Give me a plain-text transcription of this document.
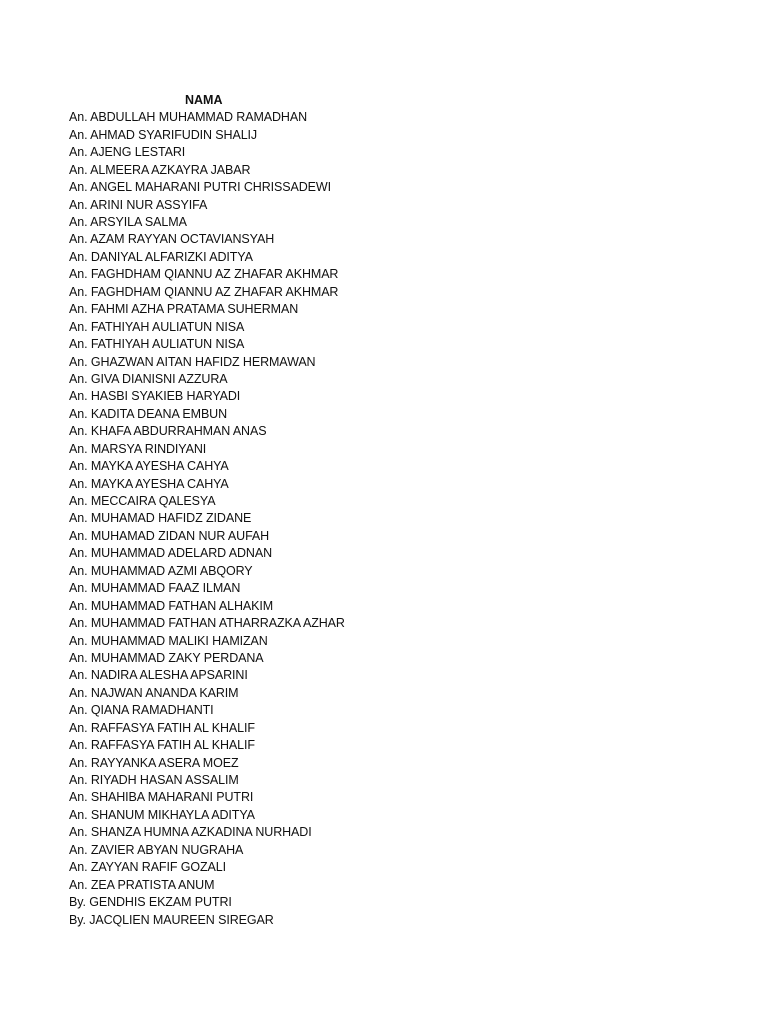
NAMA
An. ABDULLAH MUHAMMAD RAMADHAN
An. AHMAD SYARIFUDIN SHALIJ
An. AJENG LESTARI
An. ALMEERA AZKAYRA JABAR
An. ANGEL MAHARANI PUTRI CHRISSADEWI
An. ARINI NUR ASSYIFA
An. ARSYILA SALMA
An. AZAM RAYYAN OCTAVIANSYAH
An. DANIYAL ALFARIZKI ADITYA
An. FAGHDHAM QIANNU AZ ZHAFAR AKHMAR
An. FAGHDHAM QIANNU AZ ZHAFAR AKHMAR
An. FAHMI AZHA PRATAMA SUHERMAN
An. FATHIYAH AULIATUN NISA
An. FATHIYAH AULIATUN NISA
An. GHAZWAN AITAN HAFIDZ HERMAWAN
An. GIVA DIANISNI AZZURA
An. HASBI SYAKIEB HARYADI
An. KADITA DEANA EMBUN
An. KHAFA ABDURRAHMAN ANAS
An. MARSYA RINDIYANI
An. MAYKA AYESHA CAHYA
An. MAYKA AYESHA CAHYA
An. MECCAIRA QALESYA
An. MUHAMAD HAFIDZ ZIDANE
An. MUHAMAD ZIDAN NUR AUFAH
An. MUHAMMAD ADELARD ADNAN
An. MUHAMMAD AZMI ABQORY
An. MUHAMMAD FAAZ ILMAN
An. MUHAMMAD FATHAN ALHAKIM
An. MUHAMMAD FATHAN ATHARRAZKA AZHAR
An. MUHAMMAD MALIKI HAMIZAN
An. MUHAMMAD ZAKY PERDANA
An. NADIRA ALESHA APSARINI
An. NAJWAN ANANDA KARIM
An. QIANA RAMADHANTI
An. RAFFASYA FATIH AL KHALIF
An. RAFFASYA FATIH AL KHALIF
An. RAYYANKA ASERA MOEZ
An. RIYADH HASAN ASSALIM
An. SHAHIBA MAHARANI PUTRI
An. SHANUM MIKHAYLA ADITYA
An. SHANZA HUMNA AZKADINA NURHADI
An. ZAVIER ABYAN NUGRAHA
An. ZAYYAN RAFIF GOZALI
An. ZEA PRATISTA ANUM
By. GENDHIS EKZAM PUTRI
By. JACQLIEN MAUREEN SIREGAR
